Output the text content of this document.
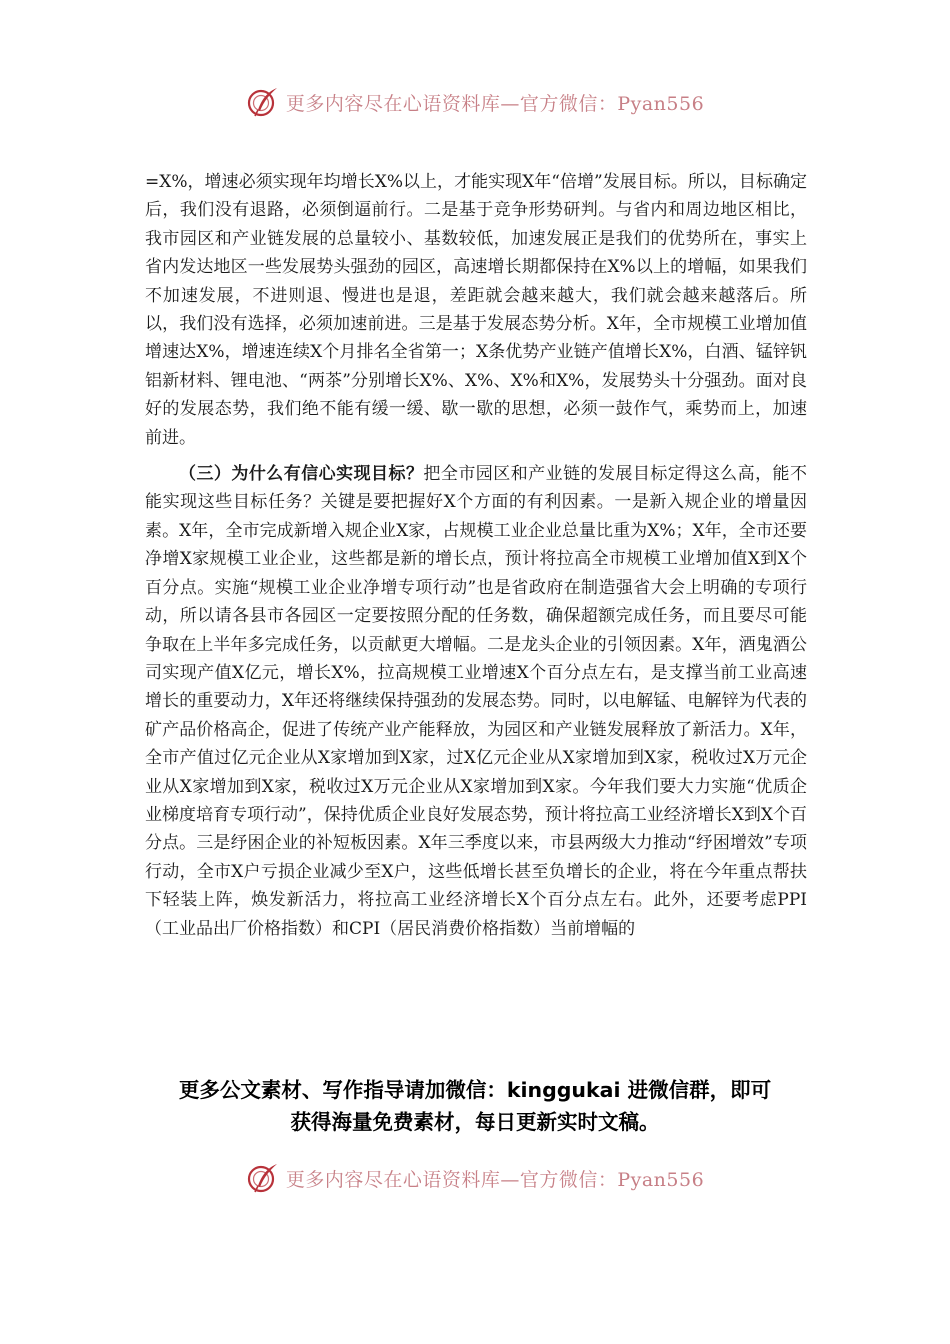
更多内容尽在心语资料库—官方微信：Pyan556

=X%，增速必须实现年均增长X%以上，才能实现X年“倍增”发展目标。所以，目标确定后，我们没有退路，必须倒逼前行。二是基于竞争形势研判。与省内和周边地区相比，我市园区和产业链发展的总量较小、基数较低，加速发展正是我们的优势所在，事实上省内发达地区一些发展势头强劲的园区，高速增长期都保持在X%以上的增幅，如果我们不加速发展，不进则退、慢进也是退，差距就会越来越大，我们就会越来越落后。所以，我们没有选择，必须加速前进。三是基于发展态势分析。X年，全市规模工业增加值增速达X%，增速连续X个月排名全省第一；X条优势产业链产值增长X%，白酒、锰锌钒铝新材料、锂电池、“两茶”分别增长X%、X%、X%和X%，发展势头十分强劲。面对良好的发展态势，我们绝不能有缓一缓、歇一歇的思想，必须一鼓作气，乘势而上，加速前进。

（三）为什么有信心实现目标？把全市园区和产业链的发展目标定得这么高，能不能实现这些目标任务？关键是要把握好X个方面的有利因素。一是新入规企业的增量因素。X年，全市完成新增入规企业X家，占规模工业企业总量比重为X%；X年，全市还要净增X家规模工业企业，这些都是新的增长点，预计将拉高全市规模工业增加值X到X个百分点。实施“规模工业企业净增专项行动”也是省政府在制造强省大会上明确的专项行动，所以请各县市各园区一定要按照分配的任务数，确保超额完成任务，而且要尽可能争取在上半年多完成任务，以贡献更大增幅。二是龙头企业的引领因素。X年，酒鬼酒公司实现产值X亿元，增长X%，拉高规模工业增速X个百分点左右，是支撑当前工业高速增长的重要动力，X年还将继续保持强劲的发展态势。同时，以电解锰、电解锌为代表的矿产品价格高企，促进了传统产业产能释放，为园区和产业链发展释放了新活力。X年，全市产值过亿元企业从X家增加到X家，过X亿元企业从X家增加到X家，税收过X万元企业从X家增加到X家，税收过X万元企业从X家增加到X家。今年我们要大力实施“优质企业梯度培育专项行动”，保持优质企业良好发展态势，预计将拉高工业经济增长X到X个百分点。三是纾困企业的补短板因素。X年三季度以来，市县两级大力推动“纾困增效”专项行动，全市X户亏损企业减少至X户，这些低增长甚至负增长的企业，将在今年重点帮扶下轻装上阵，焕发新活力，将拉高工业经济增长X个百分点左右。此外，还要考虑PPI（工业品出厂价格指数）和CPI（居民消费价格指数）当前增幅的

更多公文素材、写作指导请加微信：kinggukai 进微信群，即可
获得海量免费素材，每日更新实时文稿。
更多内容尽在心语资料库—官方微信：Pyan556
